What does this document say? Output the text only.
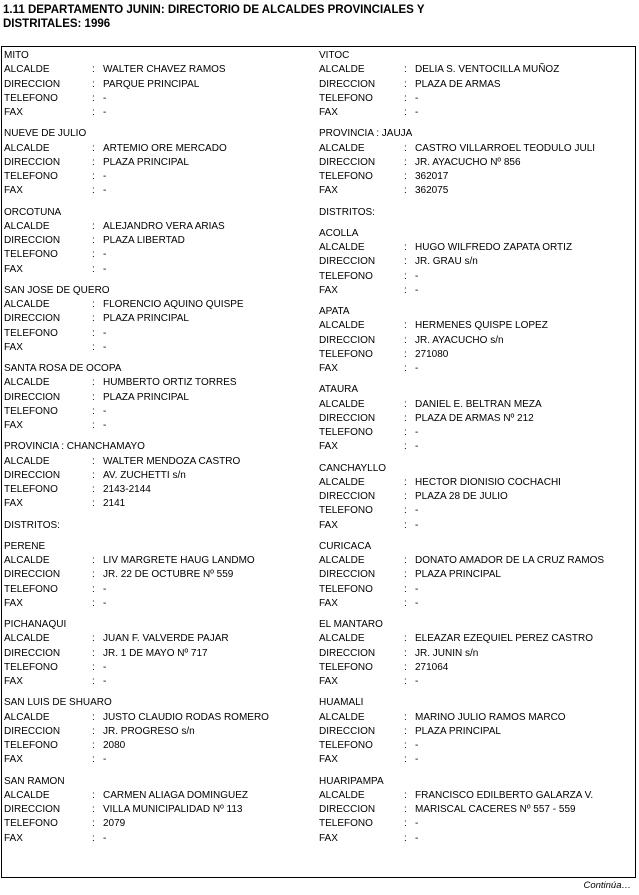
1.11 DEPARTAMENTO JUNIN: DIRECTORIO DE ALCALDES PROVINCIALES Y
DISTRITALES: 1996
MITO
ALCALDE	: WALTER CHAVEZ RAMOS
DIRECCION	: PARQUE PRINCIPAL
TELEFONO	: -
FAX	: -
NUEVE DE JULIO
ALCALDE	: ARTEMIO ORE MERCADO
DIRECCION	: PLAZA PRINCIPAL
TELEFONO	: -
FAX	: -
ORCOTUNA
ALCALDE	: ALEJANDRO VERA ARIAS
DIRECCION	: PLAZA LIBERTAD
TELEFONO	: -
FAX	: -
SAN JOSE DE QUERO
ALCALDE	: FLORENCIO AQUINO QUISPE
DIRECCION	: PLAZA PRINCIPAL
TELEFONO	: -
FAX	: -
SANTA ROSA DE OCOPA
ALCALDE	: HUMBERTO ORTIZ TORRES
DIRECCION	: PLAZA PRINCIPAL
TELEFONO	: -
FAX	: -
PROVINCIA : CHANCHAMAYO
ALCALDE	: WALTER MENDOZA CASTRO
DIRECCION	: AV. ZUCHETTI s/n
TELEFONO	: 2143-2144
FAX	: 2141
DISTRITOS:
PERENE
ALCALDE	: LIV MARGRETE HAUG LANDMO
DIRECCION	: JR. 22 DE OCTUBRE Nº 559
TELEFONO	: -
FAX	: -
PICHANAQUI
ALCALDE	: JUAN F. VALVERDE PAJAR
DIRECCION	: JR. 1 DE MAYO Nº 717
TELEFONO	: -
FAX	: -
SAN LUIS DE SHUARO
ALCALDE	: JUSTO CLAUDIO RODAS ROMERO
DIRECCION	: JR. PROGRESO s/n
TELEFONO	: 2080
FAX	: -
SAN RAMON
ALCALDE	: CARMEN ALIAGA DOMINGUEZ
DIRECCION	: VILLA MUNICIPALIDAD Nº 113
TELEFONO	: 2079
FAX	: -
VITOC
ALCALDE	: DELIA S. VENTOCILLA MUÑOZ
DIRECCION	: PLAZA DE ARMAS
TELEFONO	: -
FAX	: -
PROVINCIA : JAUJA
ALCALDE	: CASTRO VILLARROEL TEODULO JULI
DIRECCION	: JR. AYACUCHO Nº 856
TELEFONO	: 362017
FAX	: 362075
DISTRITOS:
ACOLLA
ALCALDE	: HUGO WILFREDO ZAPATA ORTIZ
DIRECCION	: JR. GRAU s/n
TELEFONO	: -
FAX	: -
APATA
ALCALDE	: HERMENES QUISPE LOPEZ
DIRECCION	: JR. AYACUCHO s/n
TELEFONO	: 271080
FAX	: -
ATAURA
ALCALDE	: DANIEL E. BELTRAN MEZA
DIRECCION	: PLAZA DE ARMAS Nº 212
TELEFONO	: -
FAX	: -
CANCHAYLLO
ALCALDE	: HECTOR DIONISIO COCHACHI
DIRECCION	: PLAZA 28 DE JULIO
TELEFONO	: -
FAX	: -
CURICACA
ALCALDE	: DONATO AMADOR DE LA CRUZ RAMOS
DIRECCION	: PLAZA PRINCIPAL
TELEFONO	: -
FAX	: -
EL MANTARO
ALCALDE	: ELEAZAR EZEQUIEL PEREZ CASTRO
DIRECCION	: JR. JUNIN s/n
TELEFONO	: 271064
FAX	: -
HUAMALI
ALCALDE	: MARINO JULIO RAMOS MARCO
DIRECCION	: PLAZA PRINCIPAL
TELEFONO	: -
FAX	: -
HUARIPAMPA
ALCALDE	: FRANCISCO EDILBERTO GALARZA V.
DIRECCION	: MARISCAL CACERES Nº 557 - 559
TELEFONO	: -
FAX	: -
Continúa…
